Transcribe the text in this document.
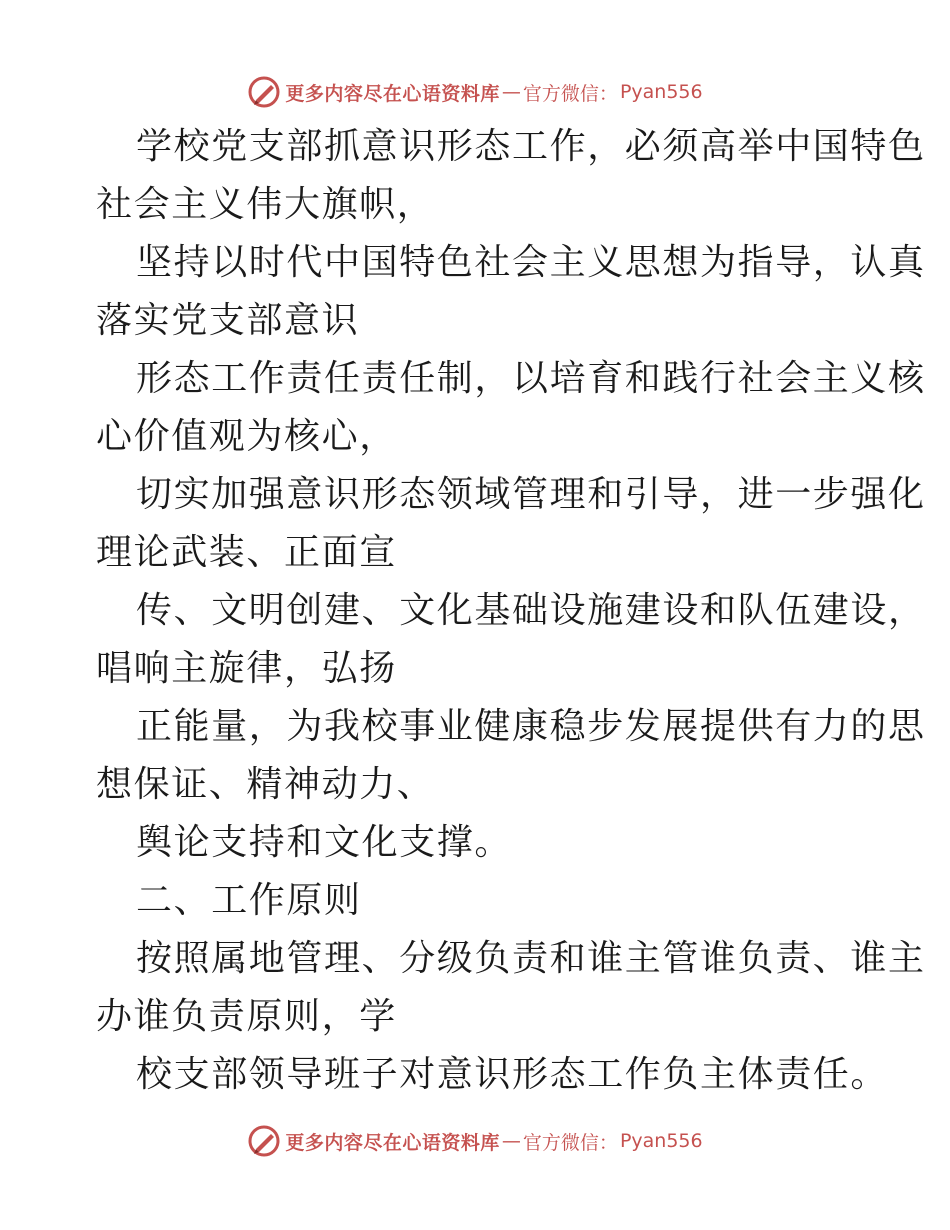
更多内容尽在心语资料库 — 官方微信： Pyan556
学校党支部抓意识形态工作，必须高举中国特色
社会主义伟大旗帜，
坚持以时代中国特色社会主义思想为指导，认真
落实党支部意识
形态工作责任责任制，以培育和践行社会主义核
心价值观为核心，
切实加强意识形态领域管理和引导，进一步强化
理论武装、正面宣
传、文明创建、文化基础设施建设和队伍建设，
唱响主旋律，弘扬
正能量，为我校事业健康稳步发展提供有力的思
想保证、精神动力、
舆论支持和文化支撑。
二、工作原则
按照属地管理、分级负责和谁主管谁负责、谁主
办谁负责原则，学
校支部领导班子对意识形态工作负主体责任。
更多内容尽在心语资料库 — 官方微信： Pyan556
